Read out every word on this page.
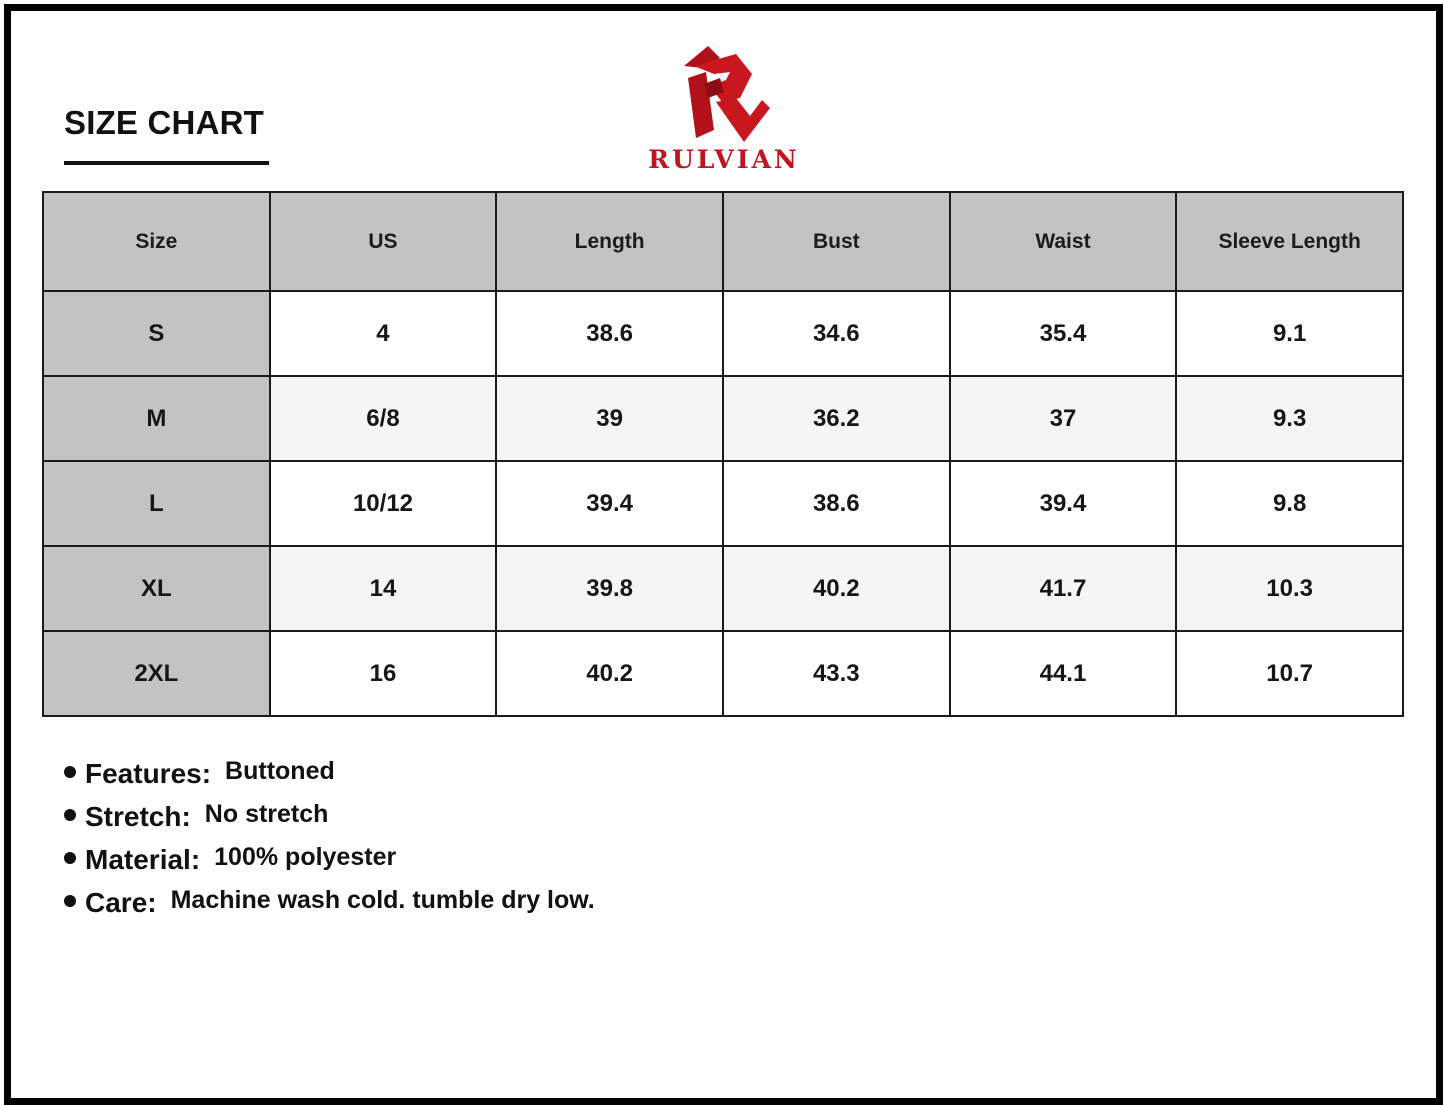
SIZE CHART
RULVIAN
Size	US	Length	Bust	Waist	Sleeve Length
S	4	38.6	34.6	35.4	9.1
M	6/8	39	36.2	37	9.3
L	10/12	39.4	38.6	39.4	9.8
XL	14	39.8	40.2	41.7	10.3
2XL	16	40.2	43.3	44.1	10.7
Features: Buttoned
Stretch: No stretch
Material: 100% polyester
Care: Machine wash cold. tumble dry low.
